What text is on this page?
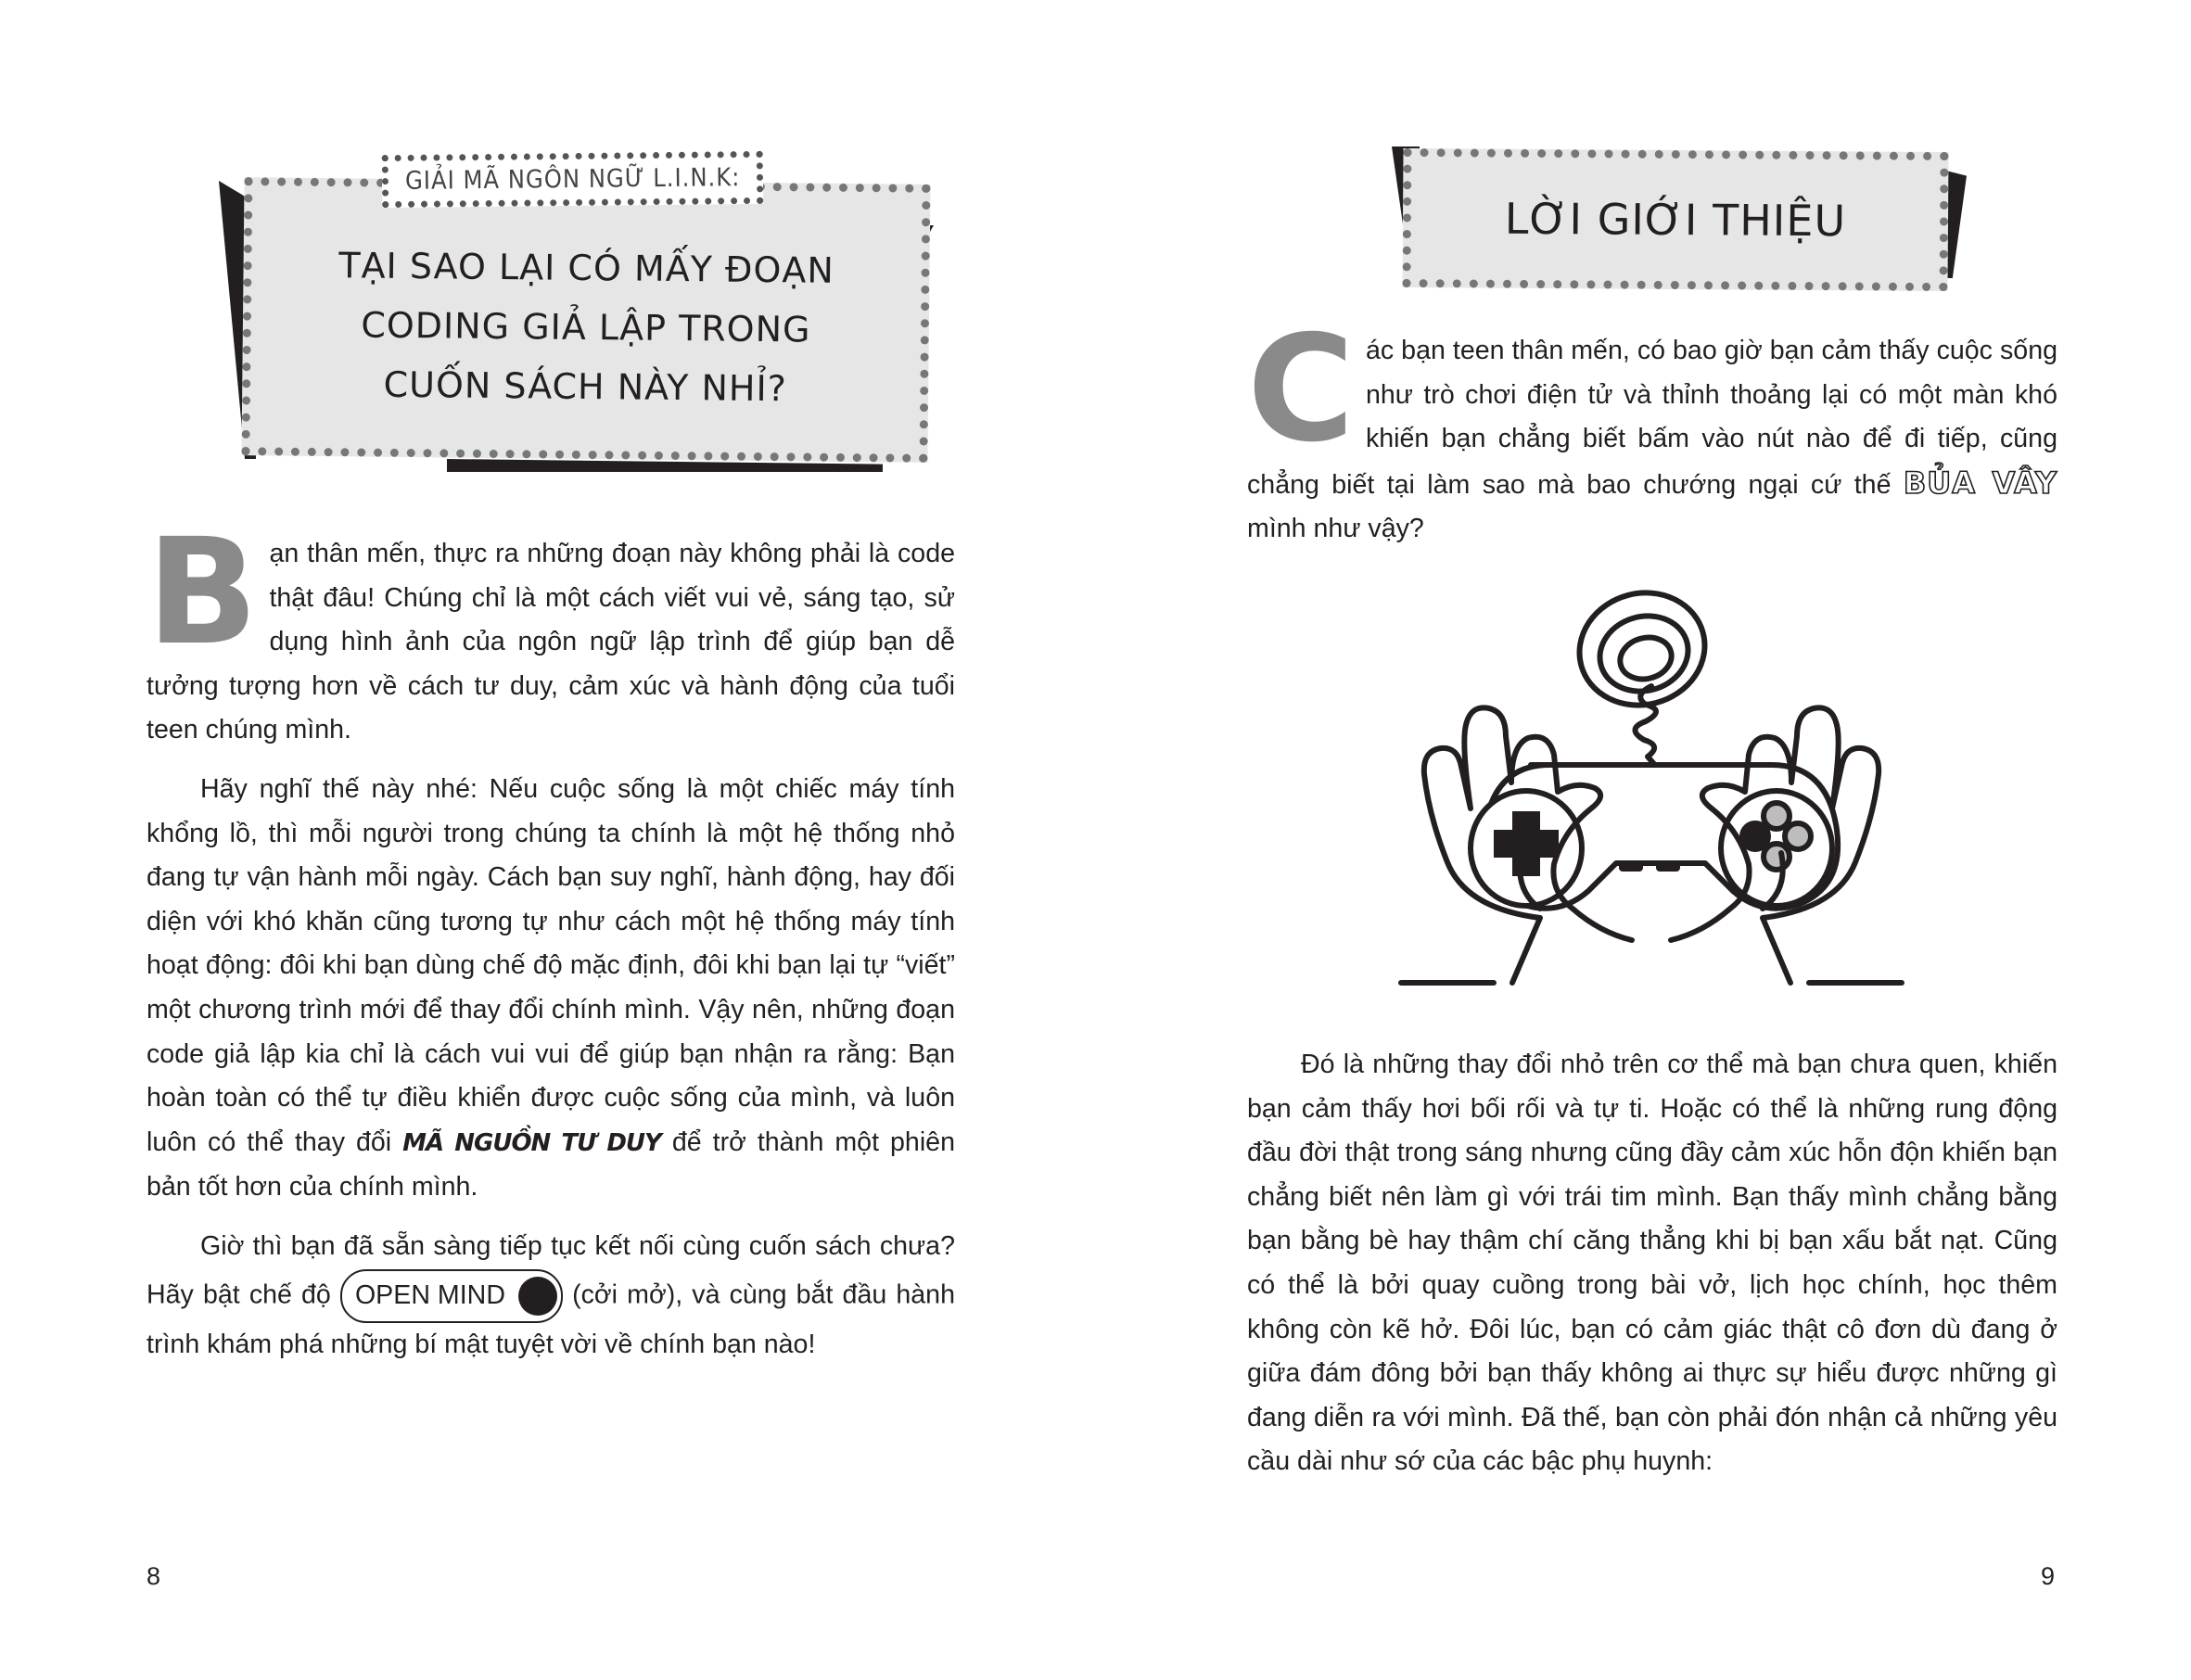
TẠI SAO LẠI CÓ MẤY ĐOẠN
CODING GIẢ LẬP TRONG
CUỐN SÁCH NÀY NHỈ?
GIẢI MÃ NGÔN NGỮ L.I.N.K:

Bạn thân mến, thực ra những đoạn này không phải là code thật đâu! Chúng chỉ là một cách viết vui vẻ, sáng tạo, sử dụng hình ảnh của ngôn ngữ lập trình để giúp bạn dễ tưởng tượng hơn về cách tư duy, cảm xúc và hành động của tuổi teen chúng mình.

Hãy nghĩ thế này nhé: Nếu cuộc sống là một chiếc máy tính khổng lồ, thì mỗi người trong chúng ta chính là một hệ thống nhỏ đang tự vận hành mỗi ngày. Cách bạn suy nghĩ, hành động, hay đối diện với khó khăn cũng tương tự như cách một hệ thống máy tính hoạt động: đôi khi bạn dùng chế độ mặc định, đôi khi bạn lại tự “viết” một chương trình mới để thay đổi chính mình. Vậy nên, những đoạn code giả lập kia chỉ là cách vui vui để giúp bạn nhận ra rằng: Bạn hoàn toàn có thể tự điều khiển được cuộc sống của mình, và luôn luôn có thể thay đổi MÃ NGUỒN TƯ DUY để trở thành một phiên bản tốt hơn của chính mình.

Giờ thì bạn đã sẵn sàng tiếp tục kết nối cùng cuốn sách chưa? Hãy bật chế độ OPEN MIND	(cởi mở), và cùng bắt đầu hành trình khám phá những bí mật tuyệt vời về chính bạn nào!

8
LỜI GIỚI THIỆU

Các bạn teen thân mến, có bao giờ bạn cảm thấy cuộc sống như trò chơi điện tử và thỉnh thoảng lại có một màn khó khiến bạn chẳng biết bấm vào nút nào để đi tiếp, cũng chẳng biết tại làm sao mà bao chướng ngại cứ thế BỦA VÂY mình như vậy?

Đó là những thay đổi nhỏ trên cơ thể mà bạn chưa quen, khiến bạn cảm thấy hơi bối rối và tự ti. Hoặc có thể là những rung động đầu đời thật trong sáng nhưng cũng đầy cảm xúc hỗn độn khiến bạn chẳng biết nên làm gì với trái tim mình. Bạn thấy mình chẳng bằng bạn bằng bè hay thậm chí căng thẳng khi bị bạn xấu bắt nạt. Cũng có thể là bởi quay cuồng trong bài vở, lịch học chính, học thêm không còn kẽ hở. Đôi lúc, bạn có cảm giác thật cô đơn dù đang ở giữa đám đông bởi bạn thấy không ai thực sự hiểu được những gì đang diễn ra với mình. Đã thế, bạn còn phải đón nhận cả những yêu cầu dài như sớ của các bậc phụ huynh:

9
